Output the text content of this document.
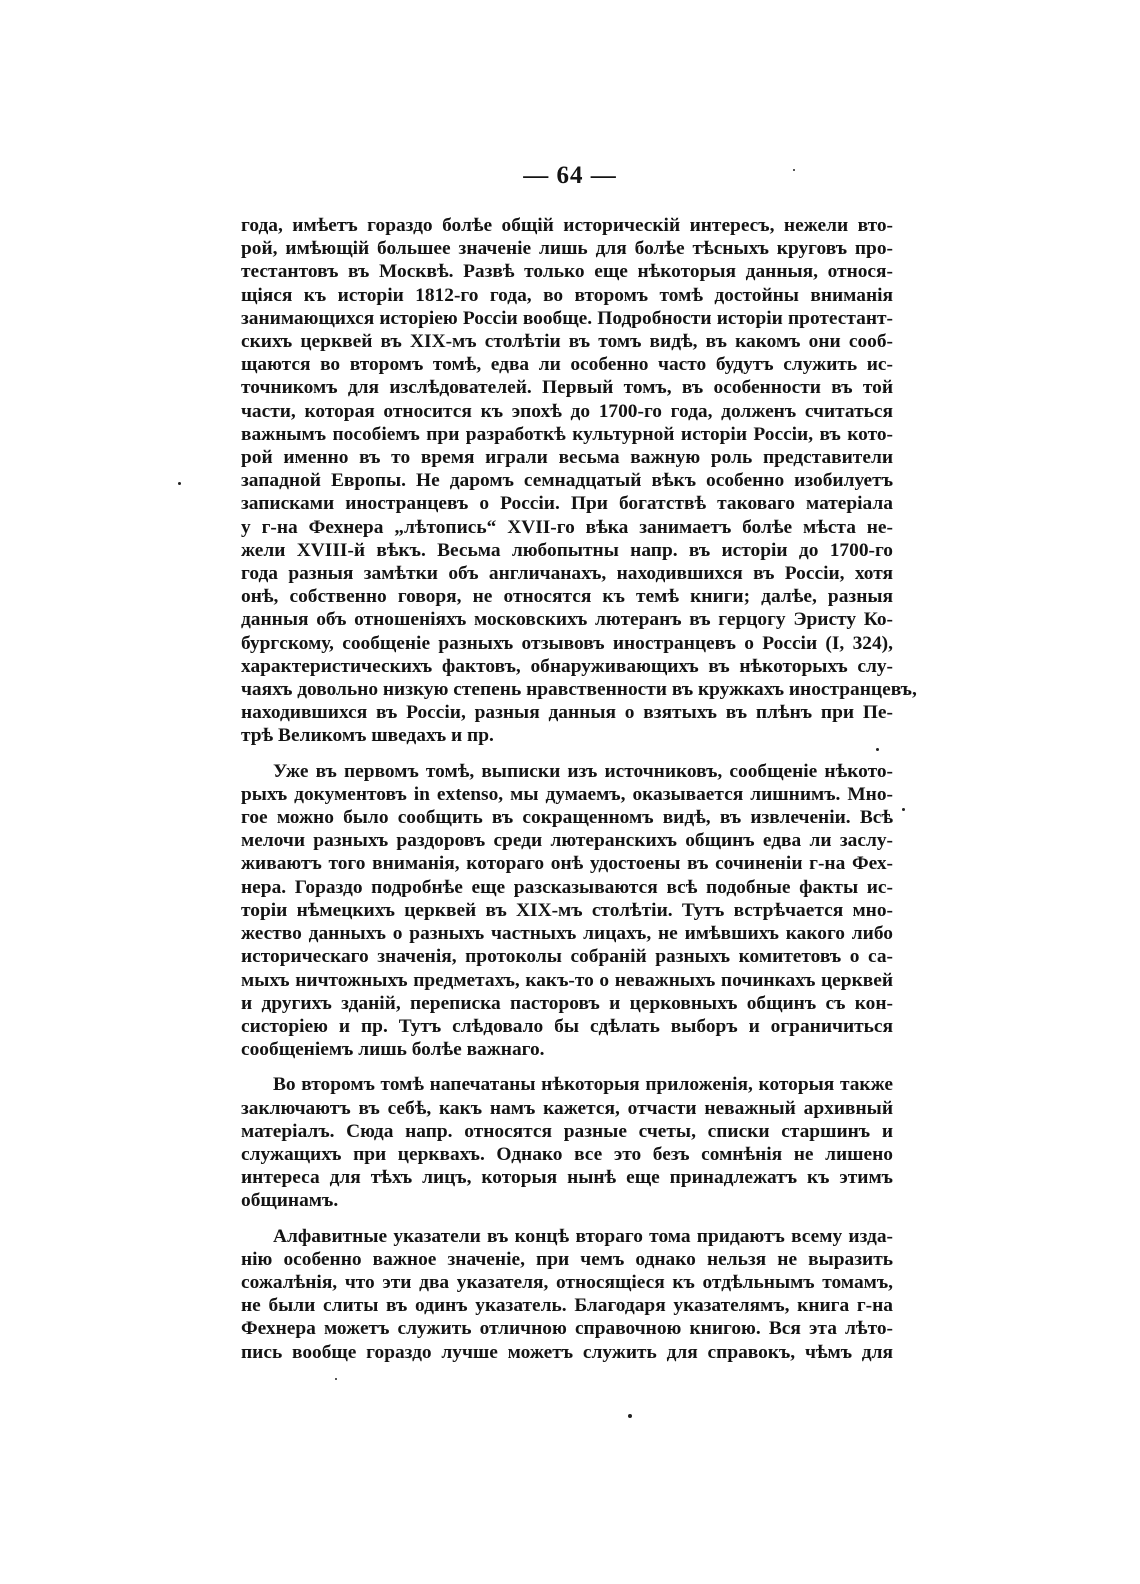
— 64 —
года, имѣетъ гораздо болѣе общій историческій интересъ, нежели вто-
рой, имѣющій большее значеніе лишь для болѣе тѣсныхъ круговъ про-
тестантовъ въ Москвѣ. Развѣ только еще нѣкоторыя данныя, относя-
щіяся къ исторіи 1812-го года, во второмъ томѣ достойны вниманія
занимающихся исторіею Россіи вообще. Подробности исторіи протестант-
скихъ церквей въ XIX-мъ столѣтіи въ томъ видѣ, въ какомъ они сооб-
щаются во второмъ томѣ, едва ли особенно часто будутъ служить ис-
точникомъ для изслѣдователей. Первый томъ, въ особенности въ той
части, которая относится къ эпохѣ до 1700-го года, долженъ считаться
важнымъ пособіемъ при разработкѣ культурной исторіи Россіи, въ кото-
рой именно въ то время играли весьма важную роль представители
западной Европы. Не даромъ семнадцатый вѣкъ особенно изобилуетъ
записками иностранцевъ о Россіи. При богатствѣ таковаго матеріала
у г-на Фехнера „лѣтопись“ XVII-го вѣка занимаетъ болѣе мѣста не-
жели XVIII-й вѣкъ. Весьма любопытны напр. въ исторіи до 1700-го
года разныя замѣтки объ англичанахъ, находившихся въ Россіи, хотя
онѣ, собственно говоря, не относятся къ темѣ книги; далѣе, разныя
данныя объ отношеніяхъ московскихъ лютеранъ въ герцогу Эристу Ко-
бургскому, сообщеніе разныхъ отзывовъ иностранцевъ о Россіи (I, 324),
характеристическихъ фактовъ, обнаруживающихъ въ нѣкоторыхъ слу-
чаяхъ довольно низкую степень нравственности въ кружкахъ иностранцевъ,
находившихся въ Россіи, разныя данныя о взятыхъ въ плѣнъ при Пе-
трѣ Великомъ шведахъ и пр.
Уже въ первомъ томѣ, выписки изъ источниковъ, сообщеніе нѣкото-
рыхъ документовъ in extenso, мы думаемъ, оказывается лишнимъ. Мно-
гое можно было сообщить въ сокращенномъ видѣ, въ извлеченіи. Всѣ
мелочи разныхъ раздоровъ среди лютеранскихъ общинъ едва ли заслу-
живаютъ того вниманія, котораго онѣ удостоены въ сочиненіи г-на Фех-
нера. Гораздо подробнѣе еще разсказываются всѣ подобные факты ис-
торіи нѣмецкихъ церквей въ XIX-мъ столѣтіи. Тутъ встрѣчается мно-
жество данныхъ о разныхъ частныхъ лицахъ, не имѣвшихъ какого либо
историческаго значенія, протоколы собраній разныхъ комитетовъ о са-
мыхъ ничтожныхъ предметахъ, какъ-то о неважныхъ починкахъ церквей
и другихъ зданій, переписка пасторовъ и церковныхъ общинъ съ кон-
систоріею и пр. Тутъ слѣдовало бы сдѣлать выборъ и ограничиться
сообщеніемъ лишь болѣе важнаго.
Во второмъ томѣ напечатаны нѣкоторыя приложенія, которыя также
заключаютъ въ себѣ, какъ намъ кажется, отчасти неважный архивный
матеріалъ. Сюда напр. относятся разные счеты, списки старшинъ и
служащихъ при церквахъ. Однако все это безъ сомнѣнія не лишено
интереса для тѣхъ лицъ, которыя нынѣ еще принадлежатъ къ этимъ
общинамъ.
Алфавитные указатели въ концѣ втораго тома придаютъ всему изда-
нію особенно важное значеніе, при чемъ однако нельзя не выразить
сожалѣнія, что эти два указателя, относящіеся къ отдѣльнымъ томамъ,
не были слиты въ одинъ указатель. Благодаря указателямъ, книга г-на
Фехнера можетъ служить отличною справочною книгою. Вся эта лѣто-
пись вообще гораздо лучше можетъ служить для справокъ, чѣмъ для
